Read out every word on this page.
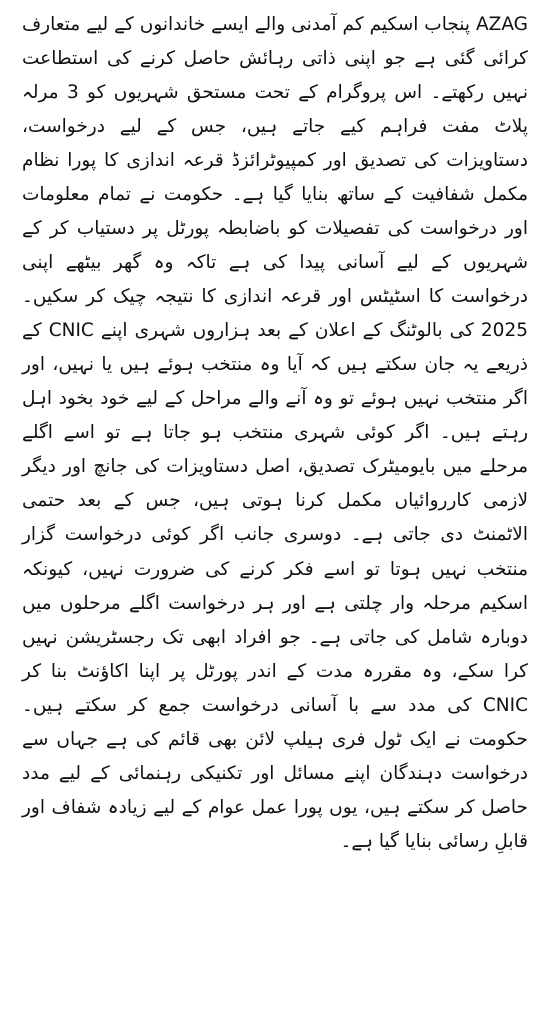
AZAG پنجاب اسکیم کم آمدنی والے ایسے خاندانوں کے لیے متعارف کرائی گئی ہے جو اپنی ذاتی رہائش حاصل کرنے کی استطاعت نہیں رکھتے۔ اس پروگرام کے تحت مستحق شہریوں کو 3 مرلہ پلاٹ مفت فراہم کیے جاتے ہیں، جس کے لیے درخواست، دستاویزات کی تصدیق اور کمپیوٹرائزڈ قرعہ اندازی کا پورا نظام مکمل شفافیت کے ساتھ بنایا گیا ہے۔ حکومت نے تمام معلومات اور درخواست کی تفصیلات کو باضابطہ پورٹل پر دستیاب کر کے شہریوں کے لیے آسانی پیدا کی ہے تاکہ وہ گھر بیٹھے اپنی درخواست کا اسٹیٹس اور قرعہ اندازی کا نتیجہ چیک کر سکیں۔ 2025 کی بالوٹنگ کے اعلان کے بعد ہزاروں شہری اپنے CNIC کے ذریعے یہ جان سکتے ہیں کہ آیا وہ منتخب ہوئے ہیں یا نہیں، اور اگر منتخب نہیں ہوئے تو وہ آنے والے مراحل کے لیے خود بخود اہل رہتے ہیں۔ اگر کوئی شہری منتخب ہو جاتا ہے تو اسے اگلے مرحلے میں بایومیٹرک تصدیق، اصل دستاویزات کی جانچ اور دیگر لازمی کارروائیاں مکمل کرنا ہوتی ہیں، جس کے بعد حتمی الاٹمنٹ دی جاتی ہے۔ دوسری جانب اگر کوئی درخواست گزار منتخب نہیں ہوتا تو اسے فکر کرنے کی ضرورت نہیں، کیونکہ اسکیم مرحلہ وار چلتی ہے اور ہر درخواست اگلے مرحلوں میں دوبارہ شامل کی جاتی ہے۔ جو افراد ابھی تک رجسٹریشن نہیں کرا سکے، وہ مقررہ مدت کے اندر پورٹل پر اپنا اکاؤنٹ بنا کر CNIC کی مدد سے با آسانی درخواست جمع کر سکتے ہیں۔ حکومت نے ایک ٹول فری ہیلپ لائن بھی قائم کی ہے جہاں سے درخواست دہندگان اپنے مسائل اور تکنیکی رہنمائی کے لیے مدد حاصل کر سکتے ہیں، یوں پورا عمل عوام کے لیے زیادہ شفاف اور قابلِ رسائی بنایا گیا ہے۔
